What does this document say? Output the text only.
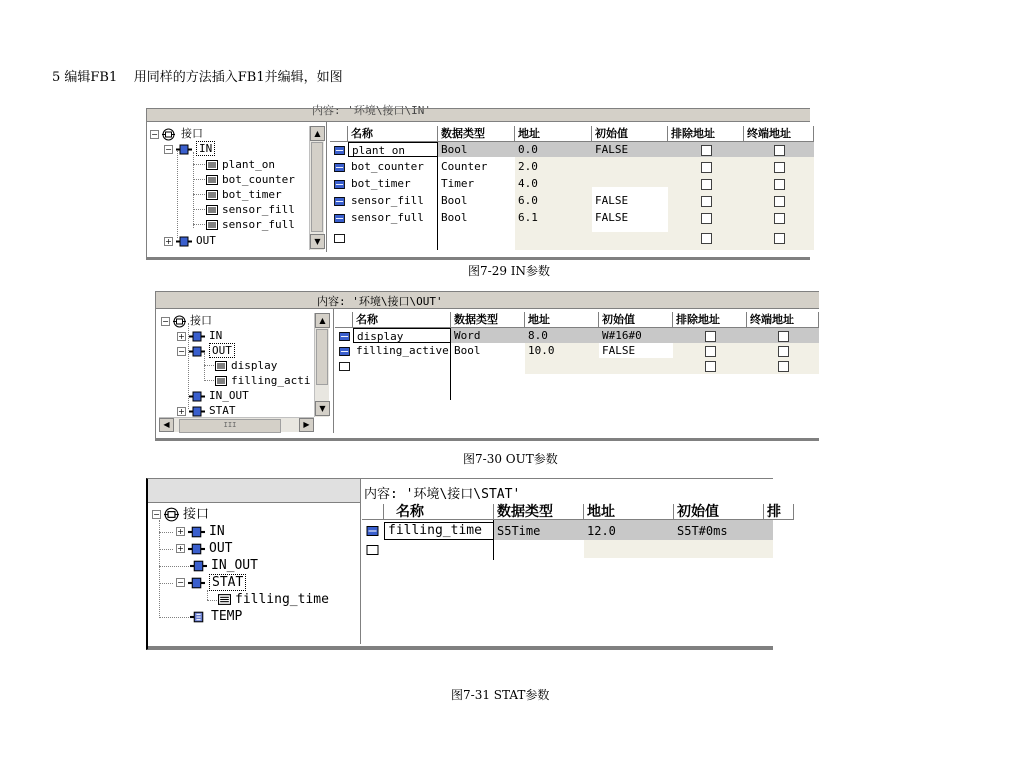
5 编辑FB1    用同样的方法插入FB1并编辑，如图
内容: '环境\接口\IN'
− 接口
− IN
plant_on
bot_counter
bot_timer
sensor_fill
sensor_full
+ OUT
▲
▼
名称	数据类型	地址	初始值	排除地址	终端地址
plant_on	Bool	0.0	FALSE
bot_counter	Counter	2.0
bot_timer	Timer	4.0
sensor_fill	Bool	6.0	FALSE
sensor_full	Bool	6.1	FALSE
图7-29 IN参数
内容: '环境\接口\OUT'
− 接口
+ IN
− OUT
display
filling_acti
IN_OUT
+ STAT
▲
▼
◀	▶
III
名称	数据类型	地址	初始值	排除地址	终端地址
display	Word	8.0	W#16#0
filling_active Bool	10.0	FALSE
图7-30 OUT参数
内容: '环境\接口\STAT'
− 接口
+ IN
+ OUT
IN_OUT
− STAT
filling_time
TEMP
名称	数据类型	地址	初始值	排
filling_time	S5Time	12.0	S5T#0ms
图7-31 STAT参数
